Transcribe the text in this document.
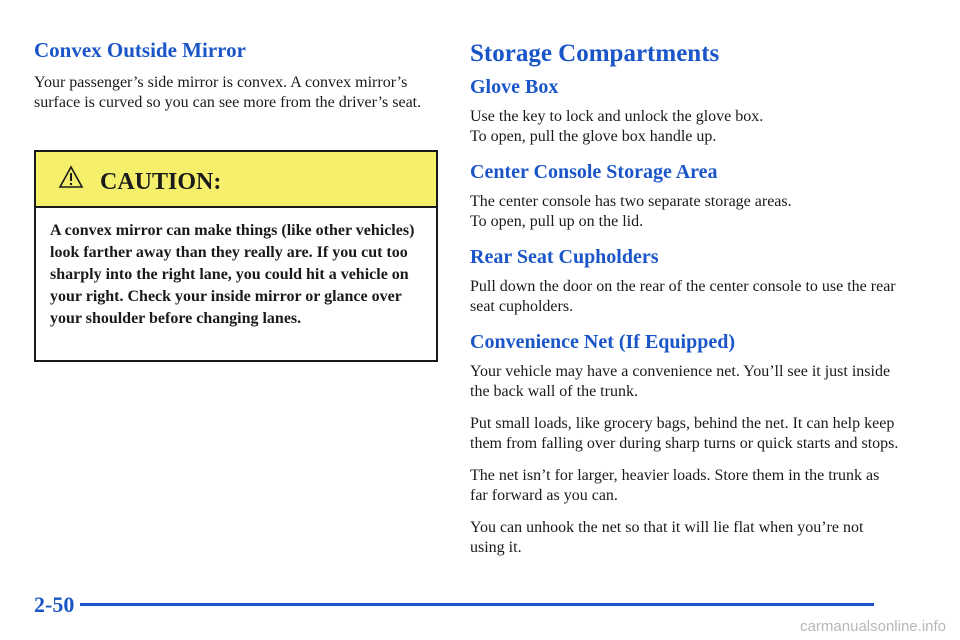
Convex Outside Mirror

Your passenger’s side mirror is convex. A convex mirror’s surface is curved so you can see more from the driver’s seat.

CAUTION:
A convex mirror can make things (like other vehicles) look farther away than they really are. If you cut too sharply into the right lane, you could hit a vehicle on your right. Check your inside mirror or glance over your shoulder before changing lanes.
Storage Compartments
Glove Box

Use the key to lock and unlock the glove box.
To open, pull the glove box handle up.

Center Console Storage Area

The center console has two separate storage areas.
To open, pull up on the lid.

Rear Seat Cupholders

Pull down the door on the rear of the center console to use the rear seat cupholders.

Convenience Net (If Equipped)

Your vehicle may have a convenience net. You’ll see it just inside the back wall of the trunk.

Put small loads, like grocery bags, behind the net. It can help keep them from falling over during sharp turns or quick starts and stops.

The net isn’t for larger, heavier loads. Store them in the trunk as far forward as you can.

You can unhook the net so that it will lie flat when you’re not using it.

2-50
carmanualsonline.info
